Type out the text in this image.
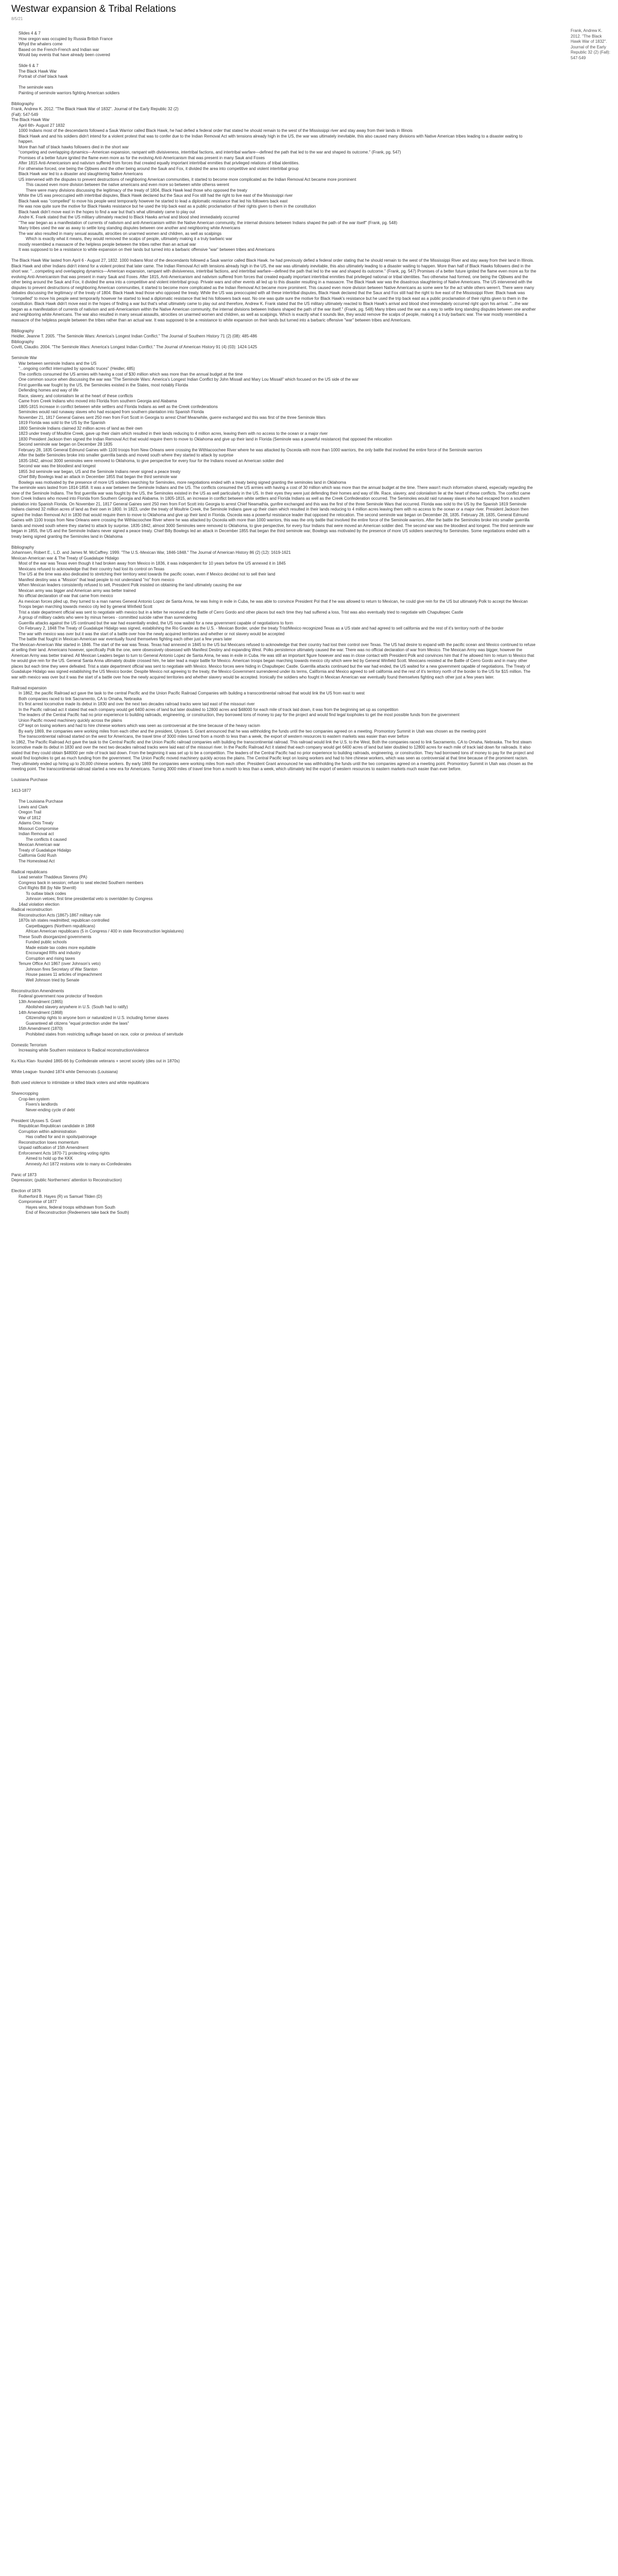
Westwar expansion & Tribal Relations
8/5/21
Frank, Andrew K. 2012. "The Black Hawk War of 1832". Journal of the Early Republic 32 (2) (Fall): 547-549
Slides 4 & 7
How oregon was occupied by Russia British France
Whyd the whalers come
Based on the French-French and Indian war
Would bay events that have already been covered
Slide 6 & 7
The Black Hawk War
Portrait of chief black hawk
The seminole wars
Painting of seminole warriors fighting American soldiers
Bibliography
Frank, Andrew K. 2012. "The Black Hawk War of 1832". Journal of the Early Republic 32 (2)
(Fall): 547-549
The Black Hawk War
April 6th- August 27 1832
1000 Indians most of the descendants followed a Sauk Warrior called Black Hawk, he had defied a federal order that stated he should remain to the west of the Mississippi river and stay away from their lands in Illinois
Black Hawk and and his soldiers didn't intend for a violent protest that was to confer due to the Indian Removal Act with tensions already high in the US, the war was ultimately inevitable, this also caused many divisions with Native American tribes leading to a disaster waiting to happen.
More than half of black hawks followers died in the short war
"competing and overlapping dynamics—American expansion, rampant with divisiveness, intertribal factions, and intertribal warfare—defined the path that led to the war and shaped its outcome." (Frank, pg. 547)
Promises of a better future ignited the flame even more as for the evolving Anti-Americanism that was present in many Sauk and Foxes
After 1815 Anti-Americanism and nativism suffered from forces that created equally important intertribal enmities that privileged relations of tribal identities.
For otherwise forced, one being the Ojibwes and the other being around the Sauk and Fox, it divided the area into competitive and violent intertribal group
Black Hawk war led to a disaster and slaughtering Native Americans
US intervened with the disputes to prevent destructions of neighboring American communities, it started to become more complicated as the Indian Removal Act became more prominent
This caused even more division between the native americans and even more so between white otherss werent
There were many divisions discussing the legitimacy of the treaty of 1804, Black Hawk lead those who opposed the treaty
White the US was preoccupied with intertribal disputes, Black Hawk declared but the Saux and Fox still had the right to live east of the Mississippi river
Black hawk was "compelled" to move his people west temporarily however he started to lead a diplomatic resistance that led his followers back east
He was now quite sure the motive for Black Hawks resistance but he used the trip back east as a public proclamation of their rights given to them in the constitution
Black hawk didn't move east in the hopes to find a war but that's what ultimately came to play out
Andre K. Frank stated that the US military ultimately reacted to Black Hawks arrival and blood shed immediately occurred
"The war began as a manifestation of currents of nativism and anti-Americanism within the Native American community, the internal divisions between Indians shaped the path of the war itself" (Frank, pg. 548)
Many tribes used the war as away to settle long standing disputes between one another and neighboring white Americans
The war also resulted in many sexual assaults, atrocities on unarmed women and children, as well as scalpings
Which is exactly what it means, they would removed the scalps of people, ultimately making it a truly barbaric war
mostly resembled a massacre of the helpless people between the tribes rather than an actual war
It was supposed to be a resistance to white expansion on their lands but turned into a barbaric offensive "war" between tribes and Americans
The Black Hawk War lasted from April 6 - August 27, 1832. 1000 Indians Most of the descendants followed a Sauk warrior called Black Hawk. he had previously defied a federal order stating that he should remain to the west of the Mississippi River and stay away from their land in Illinois. Black Hawk and other Indians didn't intend for a violent protest that later came. The Indian Removal Act with tensions already high in the US, the war was ultimately inevitable, this also ultimately leading to a disaster waiting to happen. More than half of Black Hawks followers died in the short war. "...competing and overlapping dynamics—American expansion, rampant with divisiveness, intertribal factions, and intertribal warfare—defined the path that led to the war and shaped its outcome." (Frank, pg. 547) Promises of a better future ignited the flame even more as for the evolving Anti-Americanism that was present in many Sauk and Foxes. After 1815, Anti-Americanism and nativism suffered from forces that created equally important intertribal enmities that privileged national or tribal identities. Two otherwise had formed, one being the Ojibwes and the other being around the Sauk and Fox, it divided the area into a competitive and violent intertribal group. Private wars and other events all led up to this disaster resulting in a massacre. The Black Hawk war was the disastrous slaughtering of Native Americans. The US intervened with the disputes to prevent destructions of neighboring American communities, it started to become more complicated as the Indian Removal Act became more prominent. This caused even more division between Native Americans as some were for the act while others weren't. There were many debates discussing the legitimacy of the treaty of 1804. Black Hawk lead those who opposed the treaty. While the US was preoccupied with all these intertribal disputes, Black Hawk declared that the Saux and Fox still had the right to live east of the Mississippi River. Black hawk was "compelled" to move his people west temporarily however he started to lead a diplomatic resistance that led his followers back east. No one was quite sure the motive for Black Hawk's resistance but he used the trip back east as a public proclamation of their rights given to them in the constitution. Black Hawk didn't move east in the hopes of finding a war but that's what ultimately came to play out and therefore, Andrew K. Frank stated that the US military ultimately reacted to Black Hawk's arrival and blood shed immediately occurred right upon his arrival. "...the war began as a manifestation of currents of nativism and anti-Americanism within the Native American community, the internal divisions between Indians shaped the path of the war itself." (Frank, pg. 548) Many tribes used the war as a way to settle long standing disputes between one another and neighboring white Americans. The war also resulted in many sexual assaults, atrocities on unarmed women and children, as well as scalpings. Which is exactly what it sounds like, they would remove the scalps of people, making it a truly barbaric war. The war mostly resembled a massacre of the helpless people between the tribes rather than an actual war. It was supposed to be a resistance to white expansion on their lands but turned into a barbaric offensive "war" between tribes and Americans.
Bibliography
Heidler, Jeanne T. 2005. "The Seminole Wars: America's Longest Indian Conflict." The Journal of Southern History 71 (2) (08): 485-486
Bibliography
Covitt, Claudio. 2004. "The Seminole Wars: America's Longest Indian Conflict." The Journal of American History 91 (4) (03): 1424-1425
Seminole War
War between seminole Indians and the US
"...ongoing conflict interrupted by sporadic truces" (Heidler, 485)
The conflicts consumed the US armies with having a cost of $30 million which was more than the annual budget at the time
One common source when discussing the war was "The Seminole Wars: America's Longest Indian Conflict by John Missall and Mary Lou Missall" which focused on the US side of the war
First guerrilla war fought by the US, the Seminoles existed in the States, most notably Florida
Defending homes and way of life
Race, slavery, and colonialism lie at the heart of these conflicts
Came from Creek Indians who moved into Florida from southern Georgia and Alabama
1805-1815 increase in conflict between white settlers and Florida Indians as well as the Creek confederations
Seminoles would raid runaway slaves who had escaped from southern plantation into Spanish Florida
November 21, 1817 General Gaines sent 250 men from Fort Scott in Georgia to arrest Chief Meanwhile, guerre exchanged and this was first of the three Seminole Wars
1819 Florida was sold to the US by the Spanish
1800 Seminole Indians claimed 32 million acres of land as their own
1823 under treaty of Moultrie Creek, gave up their claim which resulted in their lands reducing to 4 million acres, leaving them with no access to the ocean or a major river
1830 President Jackson then signed the Indian Removal Act that would require them to move to Oklahoma and give up their land in Florida (Seminole was a powerful resistance) that opposed the relocation
Second seminole war began on December 28 1835
February 28, 1835 General Edmund Gaines with 1100 troops from New Orleans were crossing the Withlacoochee River where he was attacked by Osceola with more than 1000 warriors, the only battle that involved the entire force of the Seminole warriors
After the battle Seminoles broke into smaller guerrilla bands and moved south where they started to attack by surprise
1835-1842, almost 3000 seminoles were removed to Oklahoma, to give perspective for every four for the Indians moved an American soldier died
Second war was the bloodiest and longest
1855 3rd seminole war began, US and the Seminole Indians never signed a peace treaty
Chief Billy Bowlegs lead an attack in December 1855 that began the third seminole war
Bowlegs was motivated by the presence of more US soldiers searching for Seminoles, more negotiations ended with a treaty being signed granting the seminoles land in Oklahoma
The seminole wars lasted from 1814-1858. It was a war between the Seminole Indians and the US. The conflicts consumed the US armies with having a cost of 30 million which was more than the annual budget at the time. There wasn't much information shared, especially regarding the view of the Seminole Indians. The first guerrilla war was fought by the US, the Seminoles existed in the US as well particularly in the US. In their eyes they were just defending their homes and way of life. Race, slavery, and colonialism lie at the heart of these conflicts. The conflict came from Creek Indians who moved into Florida from Southern Georgia and Alabama. In 1805-1815, an increase in conflict between white settlers and Florida Indians as well as the Creek Confederation occurred. The Seminoles would raid runaway slaves who had escaped from a southern plantation into Spanish Florida. On November 21, 1817 General Gaines sent 250 men from Fort Scott into Georgia to arrest Chief Neamathla, gunfire exchanged and this was the first of the three Seminole Wars that occurred. Florida was sold to the US by the Spanish 1819 Seminole Indians claimed 32 million acres of land as their own in 1800. In 1823, under the treaty of Moultrie Creek, the Seminole Indians gave up their claim which resulted in their lands reducing to 4 million acres leaving them with no access to the ocean or a major river. President Jackson then signed the Indian Removal Act in 1830 that would require them to move to Oklahoma and give up their land in Florida. Osceola was a powerful resistance leader that opposed the relocation. The second seminole war began on December 28, 1835. February 28, 1835, General Edmund Gaines with 1100 troops from New Orleans were crossing the Withlacoochee River where he was attacked by Osceola with more than 1000 warriors, this was the only battle that involved the entire force of the Seminole warriors. After the battle the Seminoles broke into smaller guerrilla bands and moved south where they started to attack by surprise. 1835-1842, almost 3000 Seminoles were removed to Oklahoma, to give perspective, for every four Indians that were moved an American soldier died. The second war was the bloodiest and longest. The third seminole war began in 1855, the US and the Seminole Indians never signed a peace treaty. Chief Billy Bowlegs led an attack in December 1855 that began the third seminole war, Bowlegs was motivated by the presence of more US soldiers searching for Seminoles. Some negotiations ended with a treaty being signed granting the Seminoles land in Oklahoma
Bibliography
Johannsen, Robert E., L.D. and James M. McCaffrey. 1999. "The U.S.-Mexican War, 1846-1848." The Journal of American History 86 (2) (12): 1619-1621
Mexican-American war & The Treaty of Guadalupe Hidalgo
Most of the war was Texas even though it had broken away from Mexico in 1836, it was independent for 10 years before the US annexed it in 1845
Mexicans refused to acknowledge that their country had lost its control on Texas
The US at the time was also dedicated to stretching their territory west towards the pacific ocean, even if Mexico decided not to sell their land
Manifest destiny was a "Mission" that lead people to not understand "no" from mexico
When Mexican leaders consistently refused to sell, President Polk insisted on obtaining the land ultimately causing the war
Mexican army was bigger and American army was better trained
No official declaration of war that came from mexico
As mexican forces piled up, they turned to a man names General Antonio Lopez de Santa Anna, he was living in exile in Cuba, he was able to convince President Pol that if he was allowed to return to Mexican, he could give rein for the US but ultimately Polk to accept the Mexican
Troops began marching towards mexico city led by general Winfield Scott
Trist a state department official was sent to negotiate with mexico but in a letter he received at the Battle of Cerro Gordo and other places but each time they had suffered a loss, Trist was also eventually tried to negotiate with Chapultepec Castle
A group of military cadets who were by minus heroes - committed suicide rather than surrendering
Guerrilla attacks against the US continued but the war had essentially ended, the US now waited for a new government capable of negotiations to form
On February 2, 1848 The Treaty of Guadalupe Hidalgo was signed, establishing the Rio Grande as the U.S. - Mexican Border, under the treaty Trist/Mexico recognized Texas as a US state and had agreed to sell california and the rest of it's territory north of the border
The war with mexico was over but it was the start of a battle over how the newly acquired territories and whether or not slavery would be accepted
The battle that fought in Mexican-American war eventually found themselves fighting each other just a few years later
The Mexican-American War started in 1846. The start of the war was Texas. Texas had annexed in 1845 to the US but Mexicans refused to acknowledge that their country had lost their control over Texas. The US had desire to expand with the pacific ocean and Mexico continued to refuse at selling their land. Americans however, specifically Polk the one, were obsessively obsessed with Manifest Destiny and expanding West. Polks persistence ultimately caused the war. There was no official declaration of war from Mexico. The Mexican Army was bigger, however the American Army was better trained. All Mexican Leaders began to turn to General Antonio Lopez de Santa Anna, he was in exile in Cuba. He was still an important figure however and was in close contact with President Polk and convinces him that if he allowed him to return to Mexico that he would give rein for the US. General Santa Anna ultimately double crossed him, he later lead a major battle for Mexico. American troops began marching towards mexico city which were led by General Winfield Scott. Mexicans resisted at the Battle of Cerro Gordo and in many other places but each time they were defeated. Trist a state department official was sent to negotiate with Mexico. Mexico forces were hiding in Chapultepec Castle. Guerrilla attacks continued but the war had ended, the US waited for a new government capable of negotiations. The Treaty of Guadalupe Hidalgo was signed establishing the US Mexico border. Despite Mexico not agreeing to the treaty, the Mexico Government surrendered under its terms, California and Mexico agreed to sell california and the rest of it's territory north of the border to the US for $15 million. The war with mexico was over but it was the start of a battle over how the newly acquired territories and whether slavery would be accepted. Ironically the soldiers who fought in Mexican American war eventually found themselves fighting each other just a few years later.
Railroad expansion
In 1862, the pacific Railroad act gave the task to the central Pacific and the Union Pacific Railroad Companies with building a transcontinental railroad that would link the US from east to west
Both companies raced to link Sacramento, CA to Omaha, Nebraska
It's first arrest locomotive made its debut in 1830 and over the next two decades railroad tracks were laid east of the missouri river
In the Pacific railroad act it stated that each company would get 6400 acres of land but later doubled to 12800 acres and $48000 for each mile of track laid down, it was from the beginning set up as competition
The leaders of the Central Pacific had no prior experience to building railroads, engineering, or construction, they borrowed tons of money to pay for the project and would find legal loopholes to get the most possible funds from the government
Union Pacific moved machinery quickly across the plains
CP kept on losing workers and had to hire chinese workers which was seen as controversial at the time because of the heavy racism
By early 1869, the companies were working miles from each other and the president, Ulysses S. Grant announced that he was withholding the funds until the two companies agreed on a meeting. Promontory Summit in Utah was chosen as the meeting point
The transcontinental railroad started on the west for Americans, the travel time of 3000 miles turned from a month to less than a week, the export of western resources to eastern markets was easier than ever before
In 1862, The Pacific Railroad Act gave the task to the Central Pacific and the Union Pacific railroad companies with building the transcontinental railroad. This railroad would link the U.S. to the West, Both the companies raced to link Sacramento, CA to Omaha, Nebraska. The first steam locomotive made its debut in 1830 and over the next two decades railroad tracks were laid east of the missouri river. In the Pacific Railroad Act it stated that each company would get 6400 acres of land but later doubled to 12800 acres for each mile of track laid down for railroads. It also stated that they could obtain $48000 per mile of track laid down. From the beginning it was set up to be a competition. The leaders of the Central Pacific had no prior experience to building railroads, engineering, or construction. They had borrowed tons of money to pay for the project and would find loopholes to get as much funding from the government. The Union Pacific moved machinery quickly across the plains. The Central Pacific kept on losing workers and had to hire chinese workers, which was seen as controversial at that time because of the prominent racism. They ultimately ended up hiring up to 20,000 chinese workers. By early 1869 the companies were working miles from each other. President Grant announced he was withholding the funds until the two companies agreed on a meeting point. Promontory Summit in Utah was chosen as the meeting point. The transcontinental railroad started a new era for Americans. Turning 3000 miles of travel time from a month to less than a week, which ultimately led the export of western resources to eastern markets much easier than ever before.
Louisiana Purchase
1413-1877
The Louisiana Purchase
Lewis and Clark
Oregon Trail
War of 1812
Adams Onis Treaty
Missouri Compromise
Indian Removal act
The conflicts it caused
Mexican American war
Treaty of Guadalupe Hidalgo
California Gold Rush
The Homestead Act
Radical republicans
Lead senator Thaddeus Stevens (PA)
Congress back in session; refuse to seat elected Southern members
Civil Rights Bill (by Nile Sherrill)
To outlaw black codes
Johnson vetoes; first time presidential veto is overridden by Congress
14ad violation election
Radical reconstruction
Reconstruction Acts (1867)-1867 military rule
1870s ish states readmitted; republican controlled
Carpetbaggers (Northern republicans)
African American republicans (5 in Congress / 400 in state Reconstruction legislatures)
These South disorganized governments
Funded public schools
Made estate tax codes more equitable
Encouraged RRs and industry
Corruption and rising taxes
Tenure Office Act 1867 (over Johnson's veto)
Johnson fires Secretary of War Stanton
House passes 11 articles of impeachment
Well Johnson tried by Senate
Reconstruction Amendments
Federal government now protector of freedom
13th Amendment (1865)
Abolished slavery anywhere in U.S. (South had to ratify)
14th Amendment (1868)
Citizenship rights to anyone born or naturalized in U.S. including former slaves
Guaranteed all citizens "equal protection under the laws"
15th Amendment (1870)
Prohibited states from restricting suffrage based on race, color or previous of servitude
Domestic Terrorism
Increasing white Southern resistance to Radical reconstruction/violence
Ku Klux Klan- founded 1865-66 by Confederate veterans + secret society (dies out in 1870s)
White League- founded 1874 white Democrats (Louisiana)
Both used violence to intimidate or killed black voters and white republicans
Sharecropping
Crop-lien system
Fixers's landlords
Never-ending cycle of debt
President Ulysses S. Grant
Republican Republican candidate in 1868
Corruption within administration
Has crafted for and in spoils/patronage
Reconstruction loses momentum
Unpaid ratification of 15th Amendment
Enforcement Acts 1870-71 protecting voting rights
Aimed to hold up the KKK
Amnesty Act 1872 restores vote to many ex-Confederates
Panic of 1873
Depression; (public Northerners' attention to Reconstruction)
Election of 1876
Rutherford B. Hayes (R) vs Samuel Tilden (D)
Compromise of 1877
Hayes wins, federal troops withdrawn from South
End of Reconstruction (Redeemers take back the South)
